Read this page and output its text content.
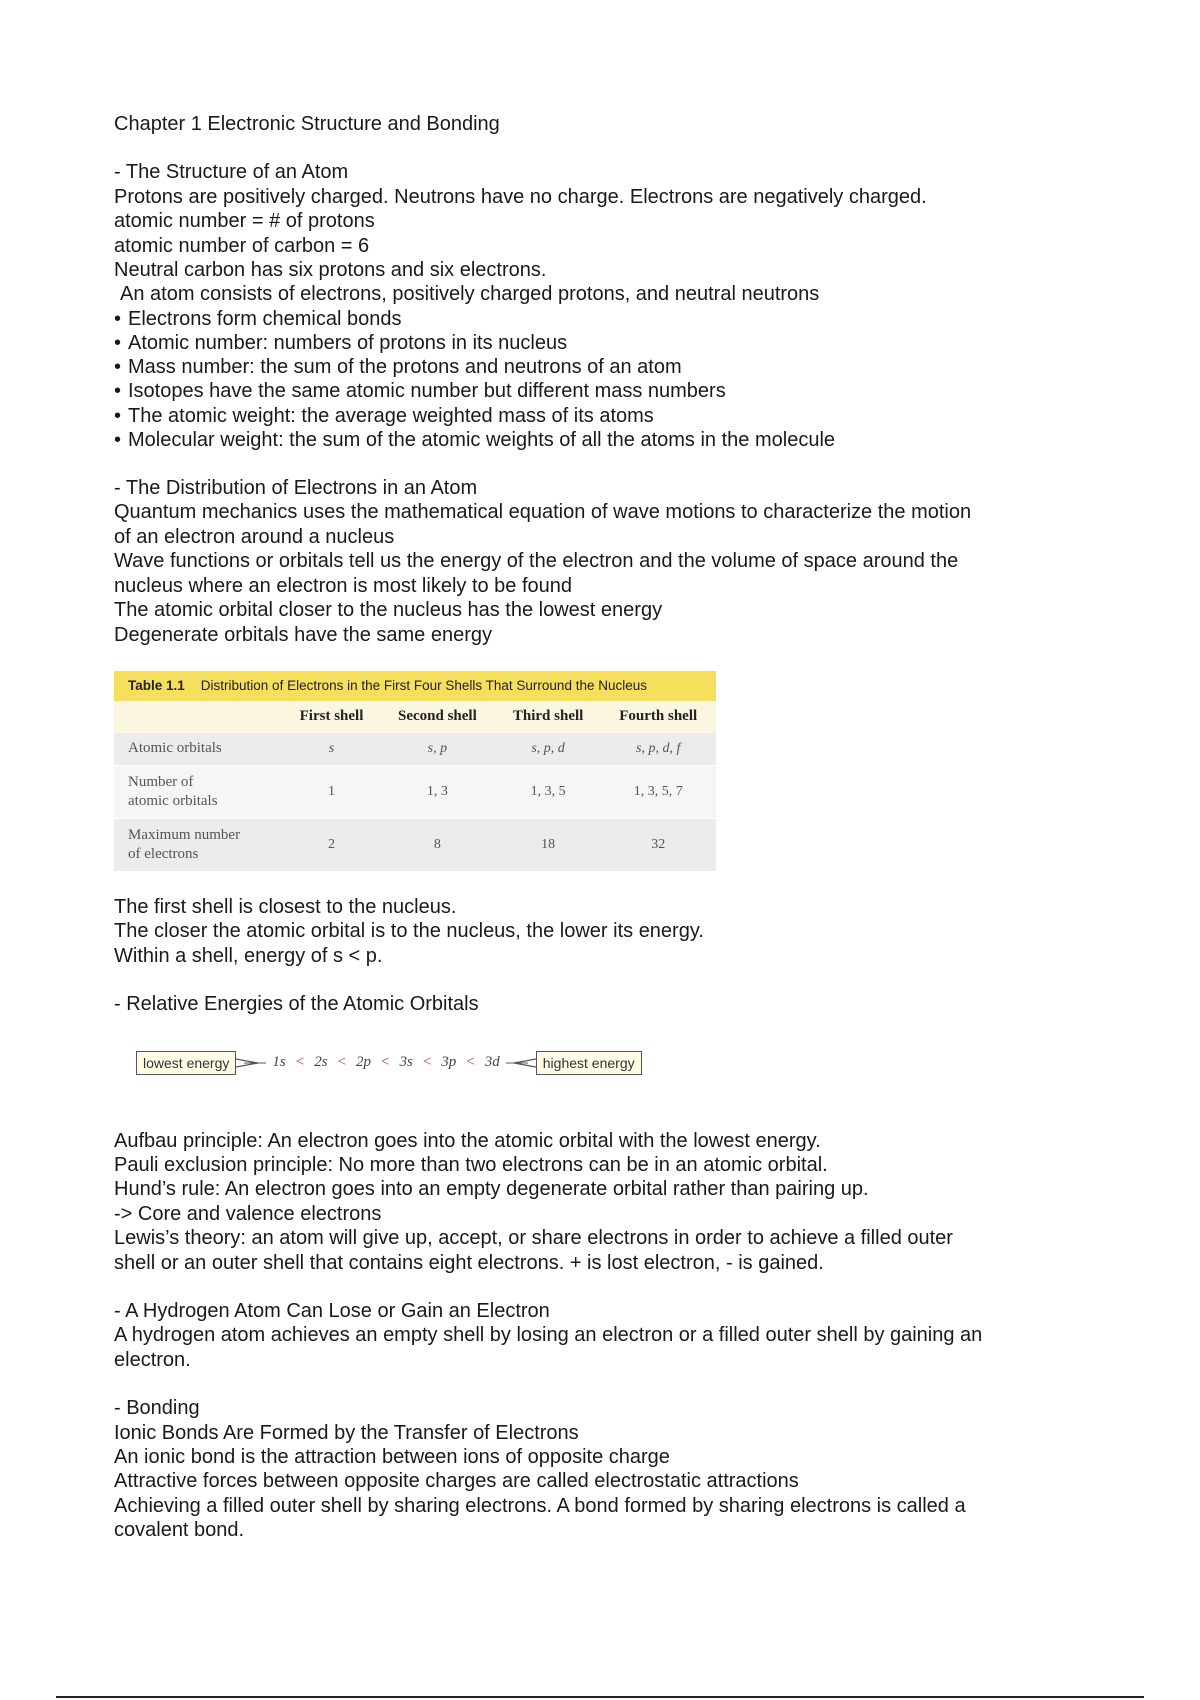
Chapter 1 Electronic Structure and Bonding

- The Structure of an Atom

Protons are positively charged. Neutrons have no charge. Electrons are negatively charged.

atomic number = # of protons

atomic number of carbon = 6

Neutral carbon has six protons and six electrons.

An atom consists of electrons, positively charged protons, and neutral neutrons

• Electrons form chemical bonds
• Atomic number: numbers of protons in its nucleus
• Mass number: the sum of the protons and neutrons of an atom
• Isotopes have the same atomic number but different mass numbers
• The atomic weight: the average weighted mass of its atoms
• Molecular weight: the sum of the atomic weights of all the atoms in the molecule

- The Distribution of Electrons in an Atom

Quantum mechanics uses the mathematical equation of wave motions to characterize the motion

of an electron around a nucleus

Wave functions or orbitals tell us the energy of the electron and the volume of space around the

nucleus where an electron is most likely to be found

The atomic orbital closer to the nucleus has the lowest energy

Degenerate orbitals have the same energy

Table 1.1 Distribution of Electrons in the First Four Shells That Surround the Nucleus
	First shell	Second shell	Third shell	Fourth shell
Atomic orbitals	s	s, p	s, p, d	s, p, d, f
Number of
atomic orbitals	1	1, 3	1, 3, 5	1, 3, 5, 7
Maximum number
of electrons	2	8	18	32

The first shell is closest to the nucleus.

The closer the atomic orbital is to the nucleus, the lower its energy.

Within a shell, energy of s < p.

- Relative Energies of the Atomic Orbitals

lowest energy	1s < 2s < 2p < 3s < 3p < 3d	highest energy

Aufbau principle: An electron goes into the atomic orbital with the lowest energy.

Pauli exclusion principle: No more than two electrons can be in an atomic orbital.

Hund’s rule: An electron goes into an empty degenerate orbital rather than pairing up.

-> Core and valence electrons

Lewis’s theory: an atom will give up, accept, or share electrons in order to achieve a filled outer

shell or an outer shell that contains eight electrons. + is lost electron, - is gained.

- A Hydrogen Atom Can Lose or Gain an Electron

A hydrogen atom achieves an empty shell by losing an electron or a filled outer shell by gaining an

electron.

- Bonding

Ionic Bonds Are Formed by the Transfer of Electrons

An ionic bond is the attraction between ions of opposite charge

Attractive forces between opposite charges are called electrostatic attractions

Achieving a filled outer shell by sharing electrons. A bond formed by sharing electrons is called a

covalent bond.
